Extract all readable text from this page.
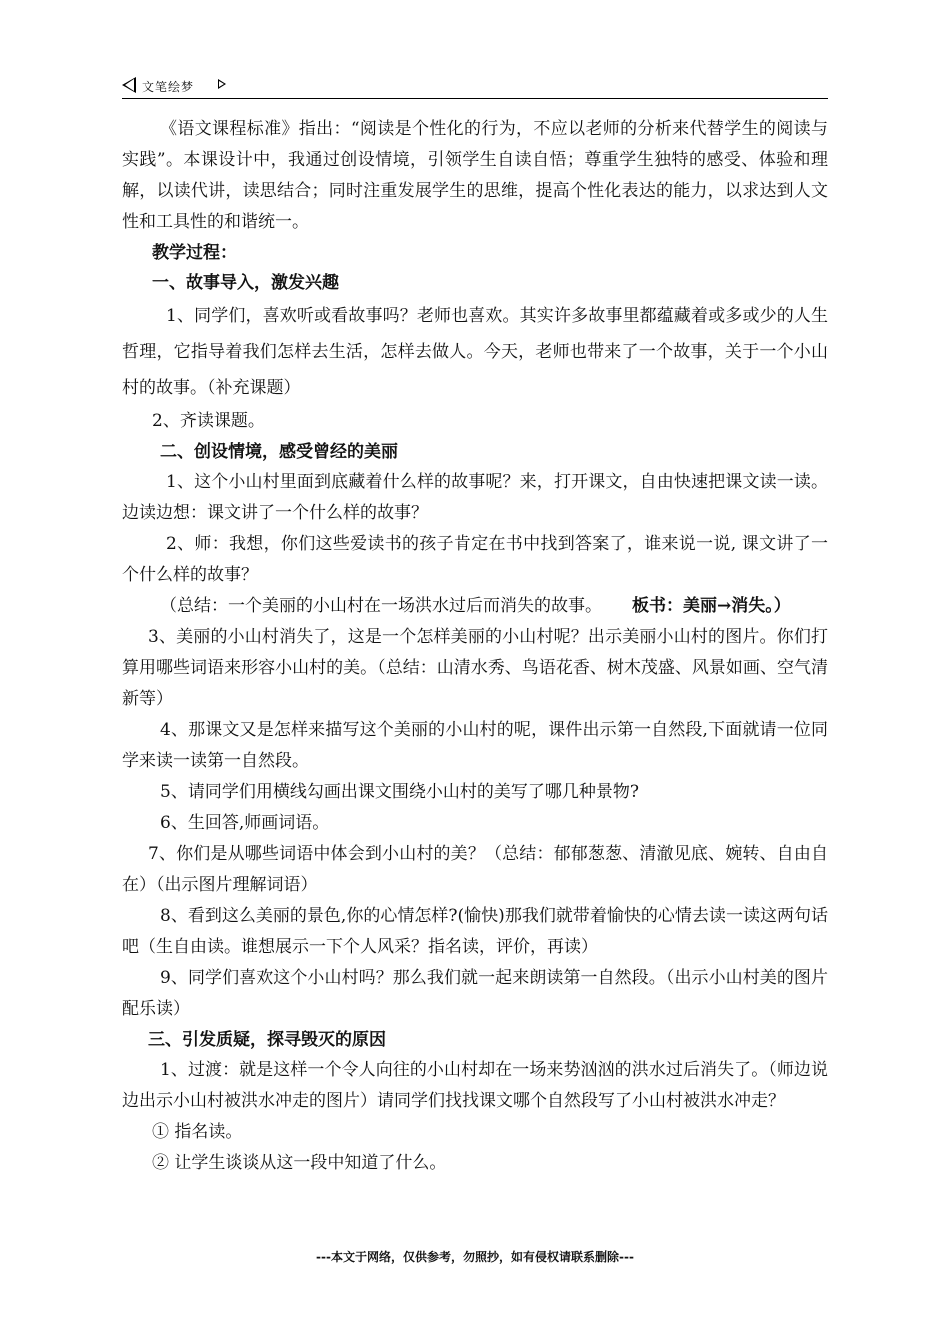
文笔绘梦

《语文课程标准》指出：“阅读是个性化的行为，不应以老师的分析来代替学生的阅读与实践”。本课设计中，我通过创设情境，引领学生自读自悟；尊重学生独特的感受、体验和理解，以读代讲，读思结合；同时注重发展学生的思维，提高个性化表达的能力，以求达到人文性和工具性的和谐统一。

教学过程：

一、故事导入，激发兴趣

1、同学们，喜欢听或看故事吗？老师也喜欢。其实许多故事里都蕴藏着或多或少的人生哲理，它指导着我们怎样去生活，怎样去做人。今天，老师也带来了一个故事，关于一个小山村的故事。（补充课题）

2、齐读课题。

二、创设情境，感受曾经的美丽

1、这个小山村里面到底藏着什么样的故事呢？来，打开课文，自由快速把课文读一读。边读边想：课文讲了一个什么样的故事？

2、师：我想，你们这些爱读书的孩子肯定在书中找到答案了，谁来说一说, 课文讲了一个什么样的故事？

（总结：一个美丽的小山村在一场洪水过后而消失的故事。 板书：美丽→消失。）

3、美丽的小山村消失了，这是一个怎样美丽的小山村呢？出示美丽小山村的图片。你们打算用哪些词语来形容小山村的美。（总结：山清水秀、鸟语花香、树木茂盛、风景如画、空气清新等）

4、那课文又是怎样来描写这个美丽的小山村的呢，课件出示第一自然段,下面就请一位同学来读一读第一自然段。

5、请同学们用横线勾画出课文围绕小山村的美写了哪几种景物?

6、生回答,师画词语。

7、你们是从哪些词语中体会到小山村的美？（总结：郁郁葱葱、清澈见底、婉转、自由自在）（出示图片理解词语）

8、看到这么美丽的景色,你的心情怎样?(愉快)那我们就带着愉快的心情去读一读这两句话吧（生自由读。谁想展示一下个人风采？指名读，评价，再读）

9、同学们喜欢这个小山村吗？那么我们就一起来朗读第一自然段。（出示小山村美的图片配乐读）

三、引发质疑，探寻毁灭的原因

1、过渡：就是这样一个令人向往的小山村却在一场来势汹汹的洪水过后消失了。（师边说边出示小山村被洪水冲走的图片）请同学们找找课文哪个自然段写了小山村被洪水冲走？

① 指名读。

② 让学生谈谈从这一段中知道了什么。

---本文于网络，仅供参考，勿照抄，如有侵权请联系删除---
